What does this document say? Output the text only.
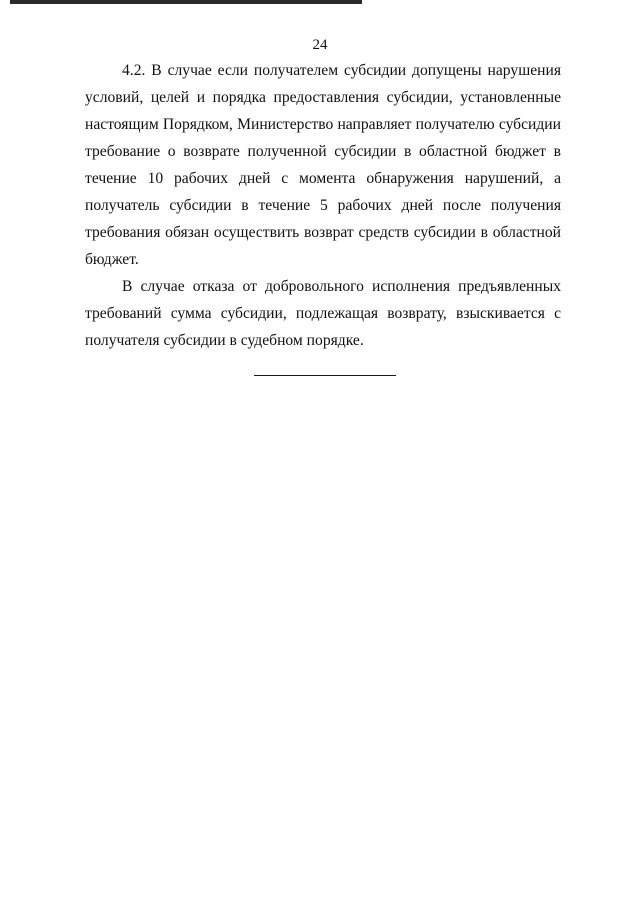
24

4.2. В случае если получателем субсидии допущены нарушения условий, целей и порядка предоставления субсидии, установленные настоящим Порядком, Министерство направляет получателю субсидии требование о возврате полученной субсидии в областной бюджет в течение 10 рабочих дней с момента обнаружения нарушений, а получатель субсидии в течение 5 рабочих дней после получения требования обязан осуществить возврат средств субсидии в областной бюджет.

В случае отказа от добровольного исполнения предъявленных требований сумма субсидии, подлежащая возврату, взыскивается с получателя субсидии в судебном порядке.
